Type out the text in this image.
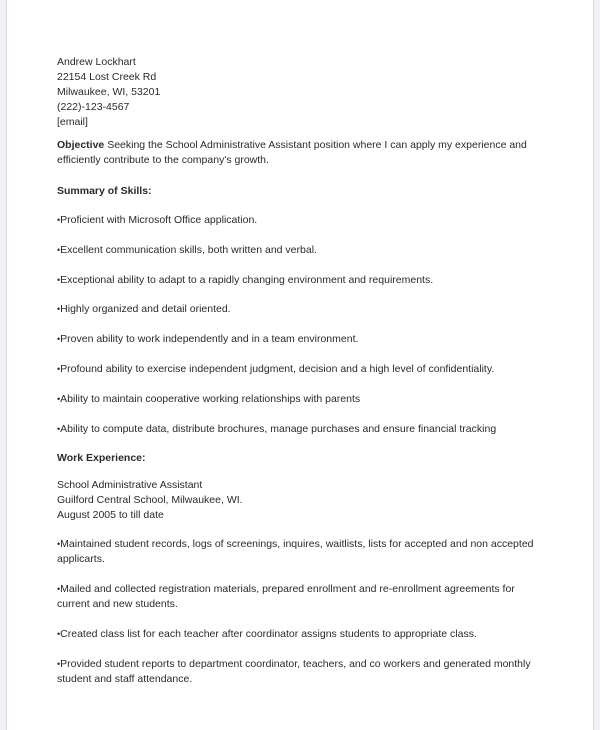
Andrew Lockhart
22154 Lost Creek Rd
Milwaukee, WI, 53201
(222)-123-4567
[email]
Objective Seeking the School Administrative Assistant position where I can apply my experience and efficiently contribute to the company's growth.
Summary of Skills:
• Proficient with Microsoft Office application.
• Excellent communication skills, both written and verbal.
• Exceptional ability to adapt to a rapidly changing environment and requirements.
• Highly organized and detail oriented.
• Proven ability to work independently and in a team environment.
• Profound ability to exercise independent judgment, decision and a high level of confidentiality.
• Ability to maintain cooperative working relationships with parents
• Ability to compute data, distribute brochures, manage purchases and ensure financial tracking
Work Experience:
School Administrative Assistant
Guilford Central School, Milwaukee, WI.
August 2005 to till date
• Maintained student records, logs of screenings, inquires, waitlists, lists for accepted and non accepted applicarts.
• Mailed and collected registration materials, prepared enrollment and re-enrollment agreements for current and new students.
• Created class list for each teacher after coordinator assigns students to appropriate class.
• Provided student reports to department coordinator, teachers, and co workers and generated monthly student and staff attendance.
